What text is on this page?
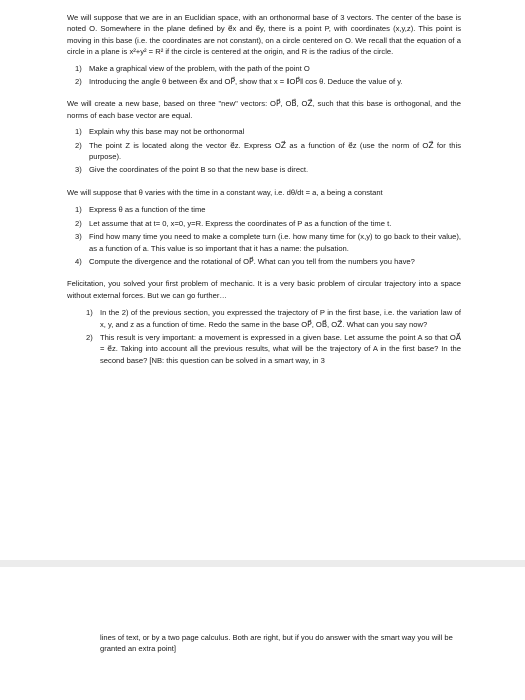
We will suppose that we are in an Euclidian space, with an orthonormal base of 3 vectors. The center of the base is noted O. Somewhere in the plane defined by e⃗x and e⃗y, there is a point P, with coordinates (x,y,z). This point is moving in this base (i.e. the coordinates are not constant), on a circle centered on O. We recall that the equation of a circle in a plane is x²+y² = R² if the circle is centered at the origin, and R is the radius of the circle.

1) Make a graphical view of the problem, with the path of the point O
2) Introducing the angle θ between e⃗x and OP⃗, show that x = ‖OP⃗‖ cos θ. Deduce the value of y.

We will create a new base, based on three "new" vectors: OP⃗, OB⃗, OZ⃗, such that this base is orthogonal, and the norms of each base vector are equal.

1) Explain why this base may not be orthonormal
2) The point Z is located along the vector e⃗z. Express OZ⃗ as a function of e⃗z (use the norm of OZ⃗ for this purpose).
3) Give the coordinates of the point B so that the new base is direct.

We will suppose that θ varies with the time in a constant way, i.e. dθ/dt = a, a being a constant

1) Express θ as a function of the time
2) Let assume that at t= 0, x=0, y=R. Express the coordinates of P as a function of the time t.
3) Find how many time you need to make a complete turn (i.e. how many time for (x,y) to go back to their value), as a function of a. This value is so important that it has a name: the pulsation.
4) Compute the divergence and the rotational of OP⃗. What can you tell from the numbers you have?

Felicitation, you solved your first problem of mechanic. It is a very basic problem of circular trajectory into a space without external forces. But we can go further…

1) In the 2) of the previous section, you expressed the trajectory of P in the first base, i.e. the variation law of x, y, and z as a function of time. Redo the same in the base OP⃗, OB⃗, OZ⃗. What can you say now?
2) This result is very important: a movement is expressed in a given base. Let assume the point A so that OA⃗ = e⃗z. Taking into account all the previous results, what will be the trajectory of A in the first base? In the second base? [NB: this question can be solved in a smart way, in 3

lines of text, or by a two page calculus. Both are right, but if you do answer with the smart way you will be granted an extra point]
